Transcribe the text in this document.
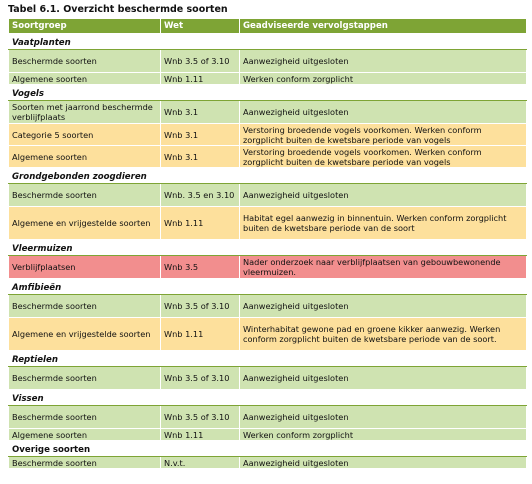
Tabel 6.1. Overzicht beschermde soorten
Soortgroep	Wet	Geadviseerde vervolgstappen
Vaatplanten		
Beschermde soorten	Wnb 3.5 of 3.10	Aanwezigheid uitgesloten
Algemene soorten	Wnb 1.11	Werken conform zorgplicht
Vogels		
Soorten met jaarrond beschermde verblijfplaats	Wnb 3.1	Aanwezigheid uitgesloten
Categorie 5 soorten	Wnb 3.1	Verstoring broedende vogels voorkomen. Werken conform zorgplicht buiten de kwetsbare periode van vogels
Algemene soorten	Wnb 3.1	Verstoring broedende vogels voorkomen. Werken conform zorgplicht buiten de kwetsbare periode van vogels
Grondgebonden zoogdieren		
Beschermde soorten	Wnb. 3.5 en 3.10	Aanwezigheid uitgesloten
Algemene en vrijgestelde soorten	Wnb 1.11	Habitat egel aanwezig in binnentuin. Werken conform zorgplicht buiten de kwetsbare periode van de soort
Vleermuizen		
Verblijfplaatsen	Wnb 3.5	Nader onderzoek naar verblijfplaatsen van gebouwbewonende vleermuizen.
Amfibieën		
Beschermde soorten	Wnb 3.5 of 3.10	Aanwezigheid uitgesloten
Algemene en vrijgestelde soorten	Wnb 1.11	Winterhabitat gewone pad en groene kikker aanwezig. Werken conform zorgplicht buiten de kwetsbare periode van de soort.
Reptielen		
Beschermde soorten	Wnb 3.5 of 3.10	Aanwezigheid uitgesloten
Vissen		
Beschermde soorten	Wnb 3.5 of 3.10	Aanwezigheid uitgesloten
Algemene soorten	Wnb 1.11	Werken conform zorgplicht
Overige soorten		
Beschermde soorten	N.v.t.	Aanwezigheid uitgesloten
